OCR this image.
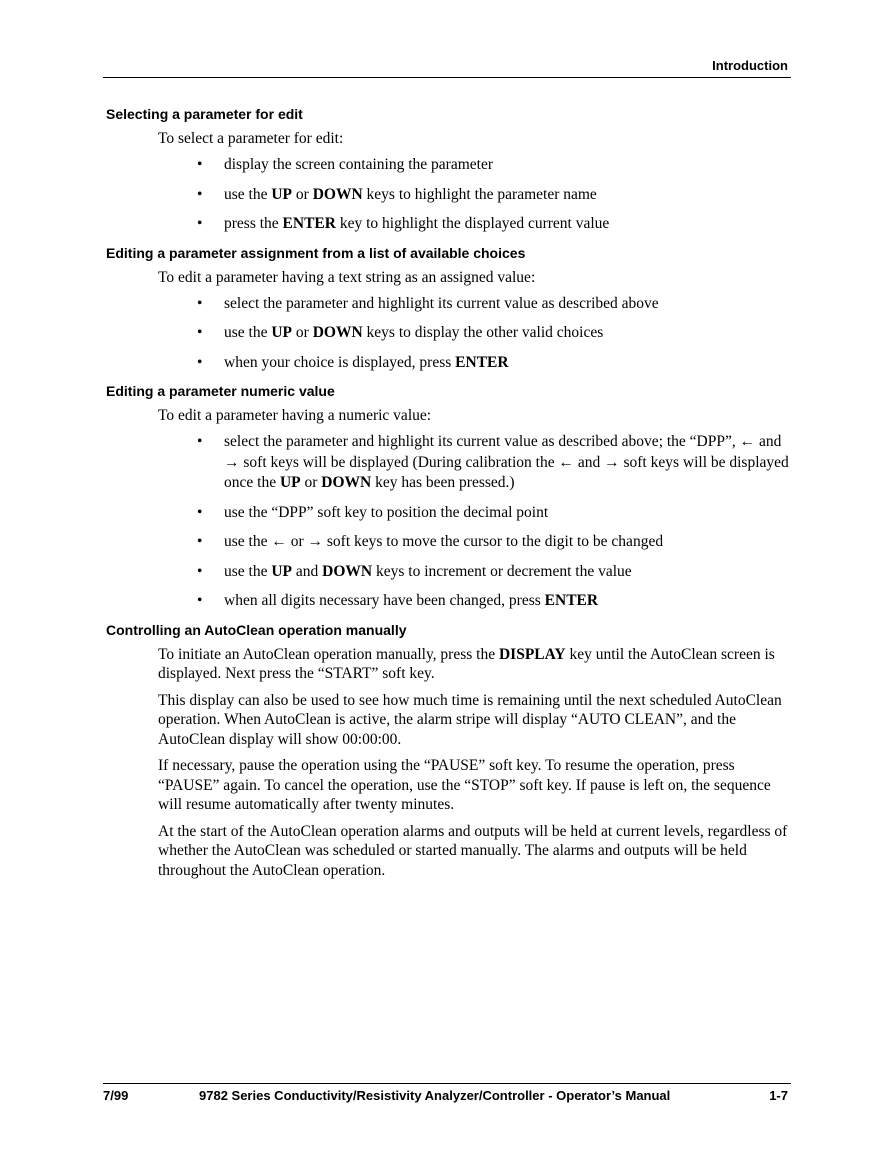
Introduction
Selecting a parameter for edit

To select a parameter for edit:

• display the screen containing the parameter
• use the UP or DOWN keys to highlight the parameter name
• press the ENTER key to highlight the displayed current value
Editing a parameter assignment from a list of available choices

To edit a parameter having a text string as an assigned value:

• select the parameter and highlight its current value as described above
• use the UP or DOWN keys to display the other valid choices
• when your choice is displayed, press ENTER
Editing a parameter numeric value

To edit a parameter having a numeric value:

• select the parameter and highlight its current value as described above; the “DPP”, ← and → soft keys will be displayed (During calibration the ← and → soft keys will be displayed once the UP or DOWN key has been pressed.)
• use the “DPP” soft key to position the decimal point
• use the ← or → soft keys to move the cursor to the digit to be changed
• use the UP and DOWN keys to increment or decrement the value
• when all digits necessary have been changed, press ENTER
Controlling an AutoClean operation manually

To initiate an AutoClean operation manually, press the DISPLAY key until the AutoClean screen is displayed. Next press the “START” soft key.

This display can also be used to see how much time is remaining until the next scheduled AutoClean operation. When AutoClean is active, the alarm stripe will display “AUTO CLEAN”, and the AutoClean display will show 00:00:00.

If necessary, pause the operation using the “PAUSE” soft key. To resume the operation, press “PAUSE” again. To cancel the operation, use the “STOP” soft key. If pause is left on, the sequence will resume automatically after twenty minutes.

At the start of the AutoClean operation alarms and outputs will be held at current levels, regardless of whether the AutoClean was scheduled or started manually. The alarms and outputs will be held throughout the AutoClean operation.

7/99	9782 Series Conductivity/Resistivity Analyzer/Controller - Operator’s Manual	1-7
